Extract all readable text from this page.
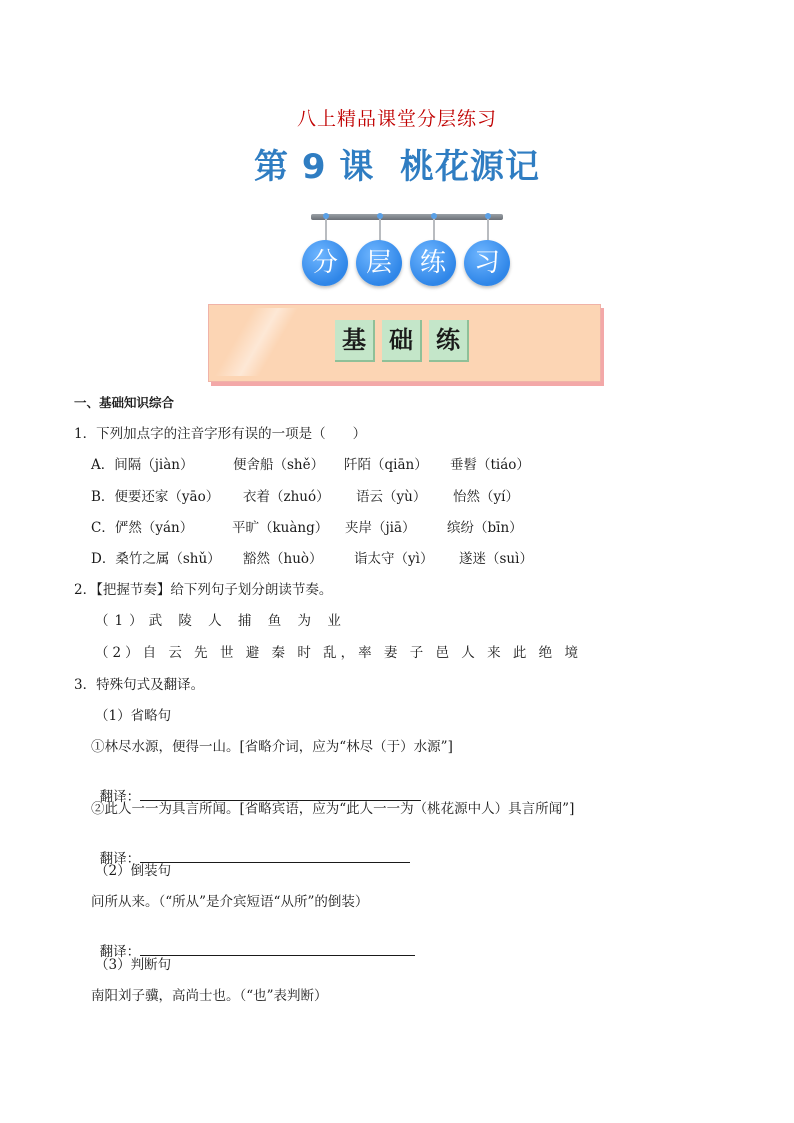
八上精品课堂分层练习
第 9 课  桃花源记
分	层	练	习
基 础 练
一、基础知识综合
1．下列加点字的注音字形有误的一项是（　　）
A．间隔（jiàn）	便舍船（shě） 阡陌（qiān） 垂髫（tiáo）
B．便要还家（yāo） 衣着（zhuó） 语云（yù） 怡然（yí）
C．俨然（yán）	平旷（kuàng） 夹岸（jiā） 缤纷（bīn）
D．桑竹之属（shǔ） 豁然（huò） 诣太守（yì） 遂迷（suì）
2．【把握节奏】给下列句子划分朗读节奏。
（1）武 陵 人 捕 鱼 为 业
（2）自 云 先 世 避 秦 时 乱，率 妻 子 邑 人 来 此 绝 境
3．特殊句式及翻译。
（1）省略句
①林尽水源，便得一山。[省略介词，应为“林尽（于）水源”]

翻译：

②此人一一为具言所闻。[省略宾语，应为“此人一一为（桃花源中人）具言所闻”]

翻译：

（2）倒装句
问所从来。（“所从”是介宾短语“从所”的倒装）

翻译：

（3）判断句
南阳刘子骥，高尚士也。（“也”表判断）
